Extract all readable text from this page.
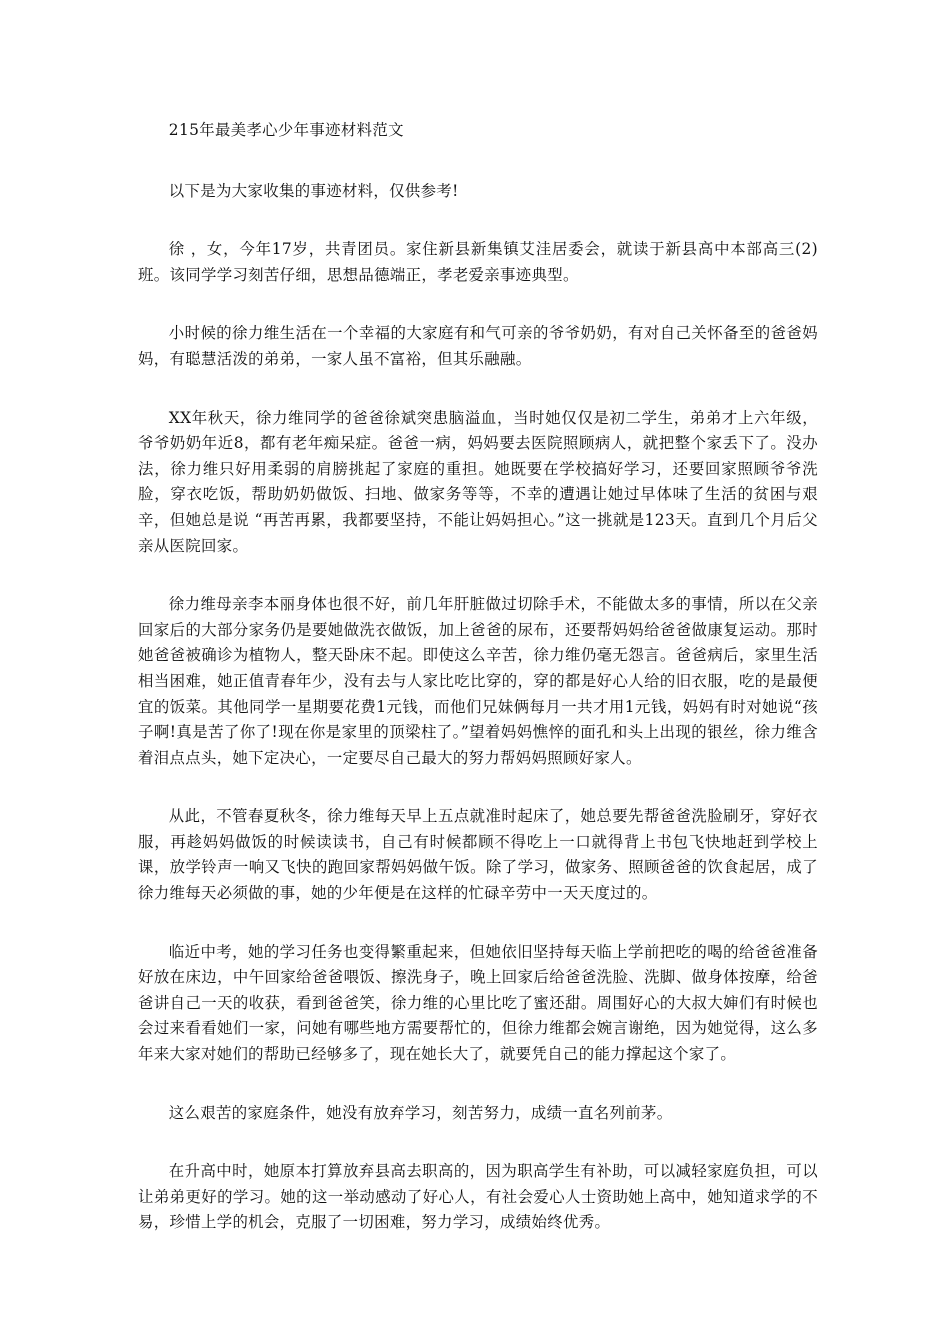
215年最美孝心少年事迹材料范文

以下是为大家收集的事迹材料，仅供参考!

徐 ，女，今年17岁，共青团员。家住新县新集镇艾洼居委会，就读于新县高中本部高三(2)班。该同学学习刻苦仔细，思想品德端正，孝老爱亲事迹典型。

小时候的徐力维生活在一个幸福的大家庭有和气可亲的爷爷奶奶，有对自己关怀备至的爸爸妈妈，有聪慧活泼的弟弟，一家人虽不富裕，但其乐融融。

XX年秋天，徐力维同学的爸爸徐斌突患脑溢血，当时她仅仅是初二学生，弟弟才上六年级，爷爷奶奶年近8，都有老年痴呆症。爸爸一病，妈妈要去医院照顾病人，就把整个家丢下了。没办法，徐力维只好用柔弱的肩膀挑起了家庭的重担。她既要在学校搞好学习，还要回家照顾爷爷洗脸，穿衣吃饭，帮助奶奶做饭、扫地、做家务等等，不幸的遭遇让她过早体味了生活的贫困与艰辛，但她总是说 “再苦再累，我都要坚持，不能让妈妈担心。”这一挑就是123天。直到几个月后父亲从医院回家。

徐力维母亲李本丽身体也很不好，前几年肝脏做过切除手术，不能做太多的事情，所以在父亲回家后的大部分家务仍是要她做洗衣做饭，加上爸爸的尿布，还要帮妈妈给爸爸做康复运动。那时她爸爸被确诊为植物人，整天卧床不起。即使这么辛苦，徐力维仍毫无怨言。爸爸病后，家里生活相当困难，她正值青春年少，没有去与人家比吃比穿的，穿的都是好心人给的旧衣服，吃的是最便宜的饭菜。其他同学一星期要花费1元钱，而他们兄妹俩每月一共才用1元钱，妈妈有时对她说“孩子啊!真是苦了你了!现在你是家里的顶梁柱了。”望着妈妈憔悴的面孔和头上出现的银丝，徐力维含着泪点点头，她下定决心，一定要尽自己最大的努力帮妈妈照顾好家人。

从此，不管春夏秋冬，徐力维每天早上五点就准时起床了，她总要先帮爸爸洗脸刷牙，穿好衣服，再趁妈妈做饭的时候读读书，自己有时候都顾不得吃上一口就得背上书包飞快地赶到学校上课，放学铃声一响又飞快的跑回家帮妈妈做午饭。除了学习，做家务、照顾爸爸的饮食起居，成了徐力维每天必须做的事，她的少年便是在这样的忙碌辛劳中一天天度过的。

临近中考，她的学习任务也变得繁重起来，但她依旧坚持每天临上学前把吃的喝的给爸爸准备好放在床边，中午回家给爸爸喂饭、擦洗身子，晚上回家后给爸爸洗脸、洗脚、做身体按摩，给爸爸讲自己一天的收获，看到爸爸笑，徐力维的心里比吃了蜜还甜。周围好心的大叔大婶们有时候也会过来看看她们一家，问她有哪些地方需要帮忙的，但徐力维都会婉言谢绝，因为她觉得，这么多年来大家对她们的帮助已经够多了，现在她长大了，就要凭自己的能力撑起这个家了。

这么艰苦的家庭条件，她没有放弃学习，刻苦努力，成绩一直名列前茅。

在升高中时，她原本打算放弃县高去职高的，因为职高学生有补助，可以减轻家庭负担，可以让弟弟更好的学习。她的这一举动感动了好心人，有社会爱心人士资助她上高中，她知道求学的不易，珍惜上学的机会，克服了一切困难，努力学习，成绩始终优秀。
